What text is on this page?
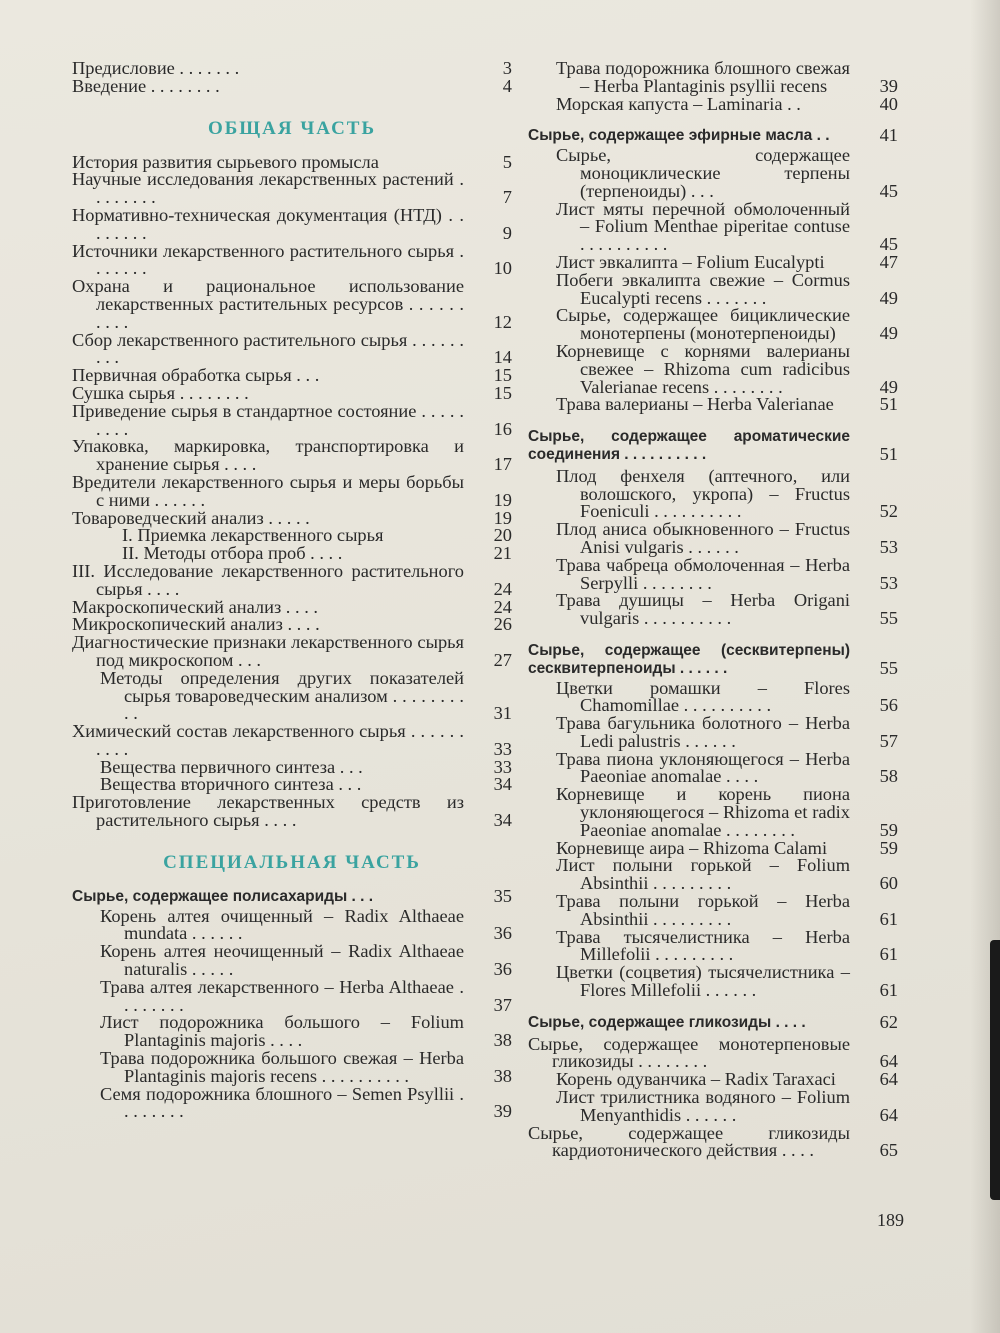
Предисловие . . . . . . .	3
Введение . . . . . . . .	4
ОБЩАЯ ЧАСТЬ
История развития сырьевого промысла	5
Научные исследования лекарственных растений . . . . . . . .	7
Нормативно-техническая документация (НТД) . . . . . . . .	9
Источники лекарственного растительного сырья . . . . . . .	10
Охрана и рациональное использование лекарственных растительных ресурсов . . . . . . . . . .	12
Сбор лекарственного растительного сырья . . . . . . . . .	14
Первичная обработка сырья . . .	15
Сушка сырья . . . . . . . .	15
Приведение сырья в стандартное состояние . . . . . . . . .	16
Упаковка, маркировка, транспортировка и хранение сырья . . . .	17
Вредители лекарственного сырья и меры борьбы с ними . . . . . .	19
Товароведческий анализ . . . . .	19
I. Приемка лекарственного сырья	20
II. Методы отбора проб . . . .	21
III. Исследование лекарственного растительного сырья . . . .	24
Макроскопический анализ . . . .	24
Микроскопический анализ . . . .	26
Диагностические признаки лекарственного сырья под микроскопом . . .	27
Методы определения других показателей сырья товароведческим анализом . . . . . . . . . .	31
Химический состав лекарственного сырья . . . . . . . . . .	33
Вещества первичного синтеза . . .	33
Вещества вторичного синтеза . . .	34
Приготовление лекарственных средств из растительного сырья . . . .	34
СПЕЦИАЛЬНАЯ ЧАСТЬ
Сырье, содержащее полисахариды . . .	35
Корень алтея очищенный – Radix Althaeae mundata . . . . . .	36
Корень алтея неочищенный – Radix Althaeae naturalis . . . . .	36
Трава алтея лекарственного – Herba Althaeae . . . . . . . .	37
Лист подорожника большого – Folium Plantaginis majoris . . . .	38
Трава подорожника большого свежая – Herba Plantaginis majoris recens . . . . . . . . . .	38
Семя подорожника блошного – Semen Psyllii . . . . . . . .	39
Трава подорожника блошного свежая – Herba Plantaginis psyllii recens	39
Морская капуста – Laminaria . .	40
Сырье, содержащее эфирные масла . .	41
Сырье, содержащее моноциклические терпены (терпеноиды) . . .	45
Лист мяты перечной обмолоченный – Folium Menthae piperitae contuse . . . . . . . . . .	45
Лист эвкалипта – Folium Eucalypti	47
Побеги эвкалипта свежие – Cormus Eucalypti recens . . . . . . .	49
Сырье, содержащее бициклические монотерпены (монотерпеноиды)	49
Корневище с корнями валерианы свежее – Rhizoma cum radicibus Valerianae recens . . . . . . . .	49
Трава валерианы – Herba Valerianae	51
Сырье, содержащее ароматические соединения . . . . . . . . . .	51
Плод фенхеля (аптечного, или волошского, укропа) – Fructus Foeniculi . . . . . . . . . .	52
Плод аниса обыкновенного – Fructus Anisi vulgaris . . . . . .	53
Трава чабреца обмолоченная – Herba Serpylli . . . . . . . .	53
Трава душицы – Herba Origani vulgaris . . . . . . . . . .	55
Сырье, содержащее (сесквитерпены) сесквитерпеноиды . . . . . .	55
Цветки ромашки – Flores Chamomillae . . . . . . . . . .	56
Трава багульника болотного – Herba Ledi palustris . . . . . .	57
Трава пиона уклоняющегося – Herba Paeoniae anomalae . . . .	58
Корневище и корень пиона уклоняющегося – Rhizoma et radix Paeoniae anomalae . . . . . . . .	59
Корневище аира – Rhizoma Calami	59
Лист полыни горькой – Folium Absinthii . . . . . . . . .	60
Трава полыни горькой – Herba Absinthii . . . . . . . . .	61
Трава тысячелистника – Herba Millefolii . . . . . . . . .	61
Цветки (соцветия) тысячелистника – Flores Millefolii . . . . . .	61
Сырье, содержащее гликозиды . . . .	62
Сырье, содержащее монотерпеновые гликозиды . . . . . . . .	64
Корень одуванчика – Radix Taraxaci	64
Лист трилистника водяного – Folium Menyanthidis . . . . . .	64
Сырье, содержащее гликозиды кардиотонического действия . . . .	65
189
